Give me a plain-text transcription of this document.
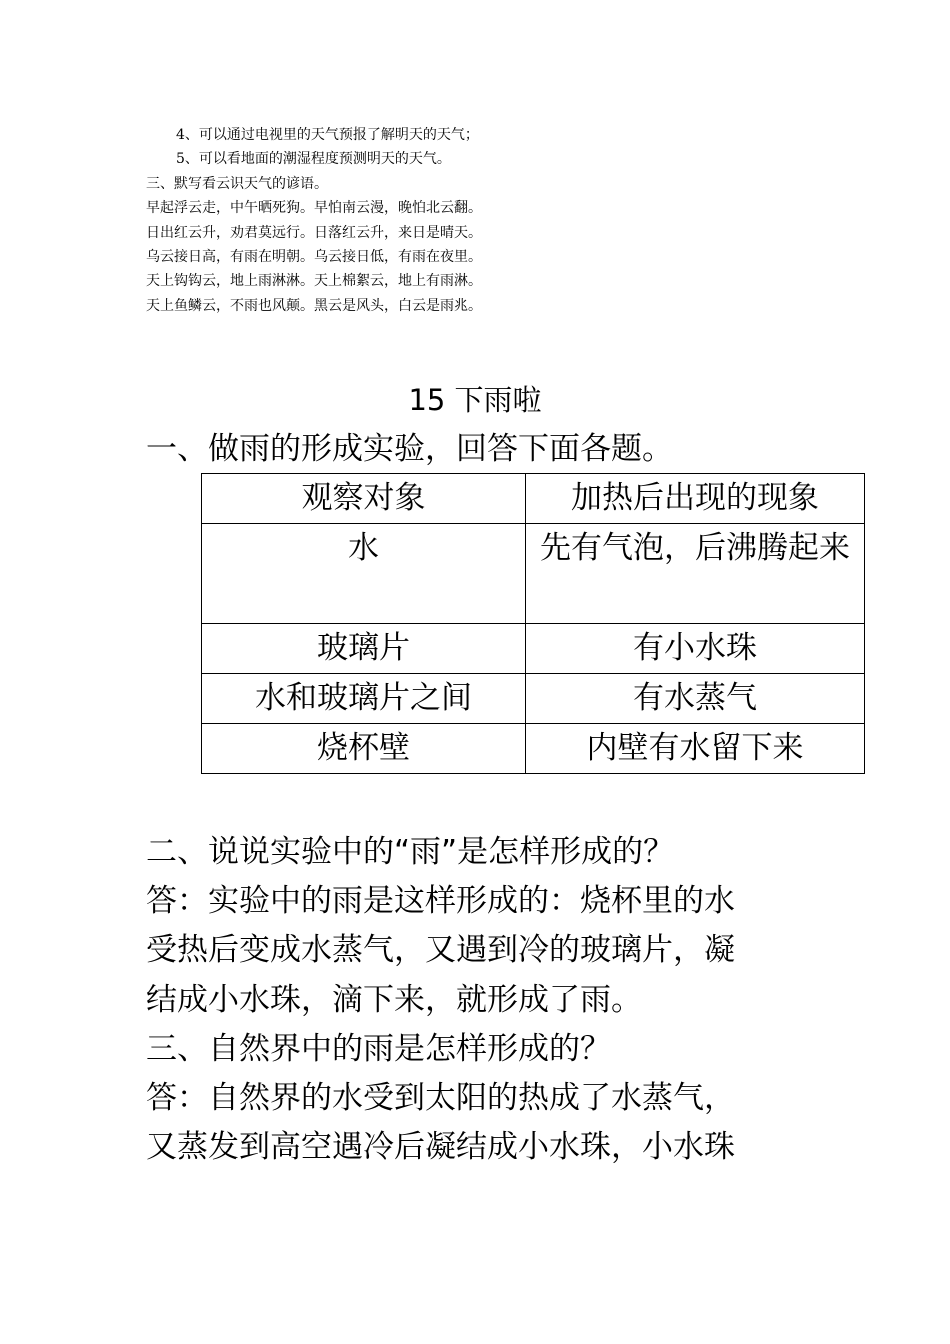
4、可以通过电视里的天气预报了解明天的天气；
5、可以看地面的潮湿程度预测明天的天气。
三、默写看云识天气的谚语。
早起浮云走，中午晒死狗。早怕南云漫，晚怕北云翻。
日出红云升，劝君莫远行。日落红云升，来日是晴天。
乌云接日高，有雨在明朝。乌云接日低，有雨在夜里。
天上钩钩云，地上雨淋淋。天上棉絮云，地上有雨淋。
天上鱼鳞云，不雨也风颠。黑云是风头，白云是雨兆。
15 下雨啦
一、做雨的形成实验，回答下面各题。
观察对象	加热后出现的现象
水	先有气泡，后沸腾起来
玻璃片	有小水珠
水和玻璃片之间	有水蒸气
烧杯壁	内壁有水留下来
二、说说实验中的“雨”是怎样形成的？
答：实验中的雨是这样形成的：烧杯里的水
受热后变成水蒸气，又遇到冷的玻璃片，凝
结成小水珠，滴下来，就形成了雨。
三、自然界中的雨是怎样形成的？
答：自然界的水受到太阳的热成了水蒸气，
又蒸发到高空遇冷后凝结成小水珠，小水珠
